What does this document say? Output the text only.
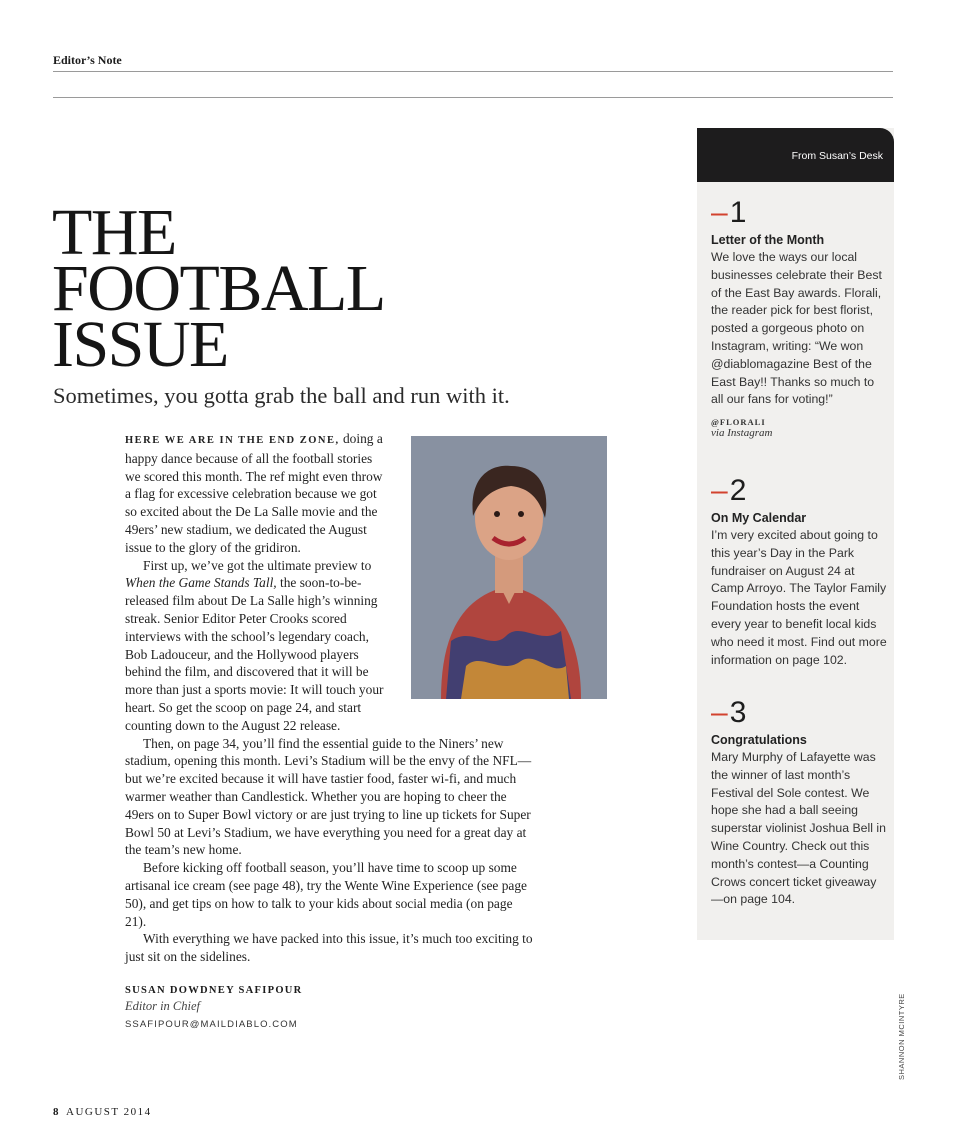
Editor’s Note
THE
FOOTBALL
ISSUE
Sometimes, you gotta grab the ball and run with it.

HERE WE ARE IN THE END ZONE, doing a happy dance because of all the football stories we scored this month. The ref might even throw a flag for excessive celebration because we got so excited about the De La Salle movie and the 49ers’ new stadium, we dedicated the August issue to the glory of the gridiron.

First up, we’ve got the ultimate preview to When the Game Stands Tall, the soon-to-be-released film about De La Salle high’s winning streak. Senior Editor Peter Crooks scored interviews with the school’s legendary coach, Bob Ladouceur, and the Hollywood players behind the film, and discovered that it will be more than just a sports movie: It will touch your heart. So get the scoop on page 24, and start counting down to the August 22 release.

Then, on page 34, you’ll find the essential guide to the Niners’ new stadium, opening this month. Levi’s Stadium will be the envy of the NFL—but we’re excited because it will have tastier food, faster wi-fi, and much warmer weather than Candlestick. Whether you are hoping to cheer the 49ers on to Super Bowl victory or are just trying to line up tickets for Super Bowl 50 at Levi’s Stadium, we have everything you need for a great day at the team’s new home.

Before kicking off football season, you’ll have time to scoop up some artisanal ice cream (see page 48), try the Wente Wine Experience (see page 50), and get tips on how to talk to your kids about social media (on page 21).

With everything we have packed into this issue, it’s much too exciting to just sit on the sidelines.

SUSAN DOWDNEY SAFIPOUR
Editor in Chief
SSAFIPOUR@MAILDIABLO.COM
From Susan’s Desk
–1
Letter of the Month
We love the ways our local businesses celebrate their Best of the East Bay awards. Florali, the reader pick for best florist, posted a gorgeous photo on Instagram, writing: “We won @diablomagazine Best of the East Bay!! Thanks so much to all our fans for voting!”
@FLORALI
via Instagram
–2
On My Calendar
I’m very excited about going to this year’s Day in the Park fundraiser on August 24 at Camp Arroyo. The Taylor Family Foundation hosts the event every year to benefit local kids who need it most. Find out more information on page 102.
–3
Congratulations
Mary Murphy of Lafayette was the winner of last month’s Festival del Sole contest. We hope she had a ball seeing superstar violinist Joshua Bell in Wine Country. Check out this month’s contest—a Counting Crows concert ticket giveaway—on page 104.
SHANNON MCINTYRE
8 AUGUST 2014
